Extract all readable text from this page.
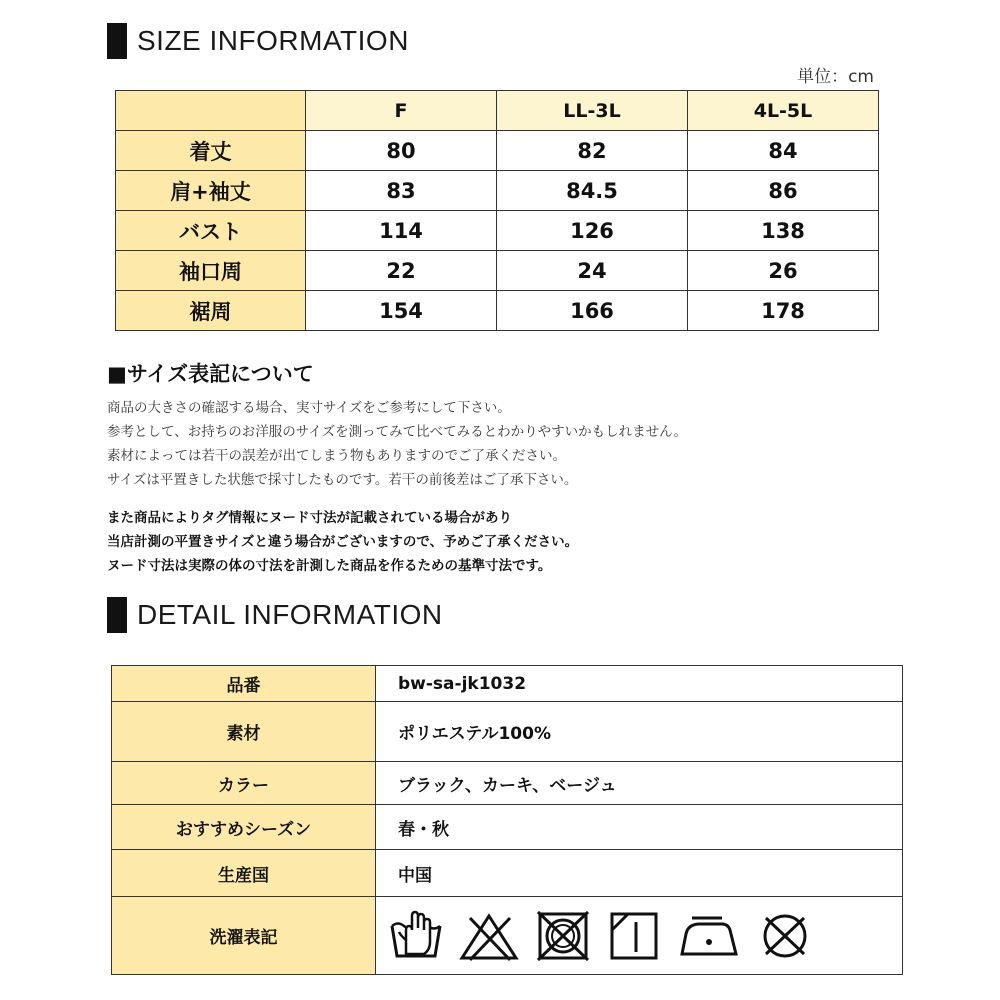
SIZE INFORMATION
単位：cm
	F	LL-3L	4L-5L
着丈	80	82	84
肩+袖丈	83	84.5	86
バスト	114	126	138
袖口周	22	24	26
裾周	154	166	178
■サイズ表記について
商品の大きさの確認する場合、実寸サイズをご参考にして下さい。
参考として、お持ちのお洋服のサイズを測ってみて比べてみるとわかりやすいかもしれません。
素材によっては若干の誤差が出てしまう物もありますのでご了承ください。
サイズは平置きした状態で採寸したものです。若干の前後差はご了承下さい。
また商品によりタグ情報にヌード寸法が記載されている場合があり
当店計測の平置きサイズと違う場合がございますので、予めご了承ください。
ヌード寸法は実際の体の寸法を計測した商品を作るための基準寸法です。
DETAIL INFORMATION
品番	bw-sa-jk1032
素材	ポリエステル100%
カラー	ブラック、カーキ、ベージュ
おすすめシーズン	春・秋
生産国	中国
洗濯表記	
